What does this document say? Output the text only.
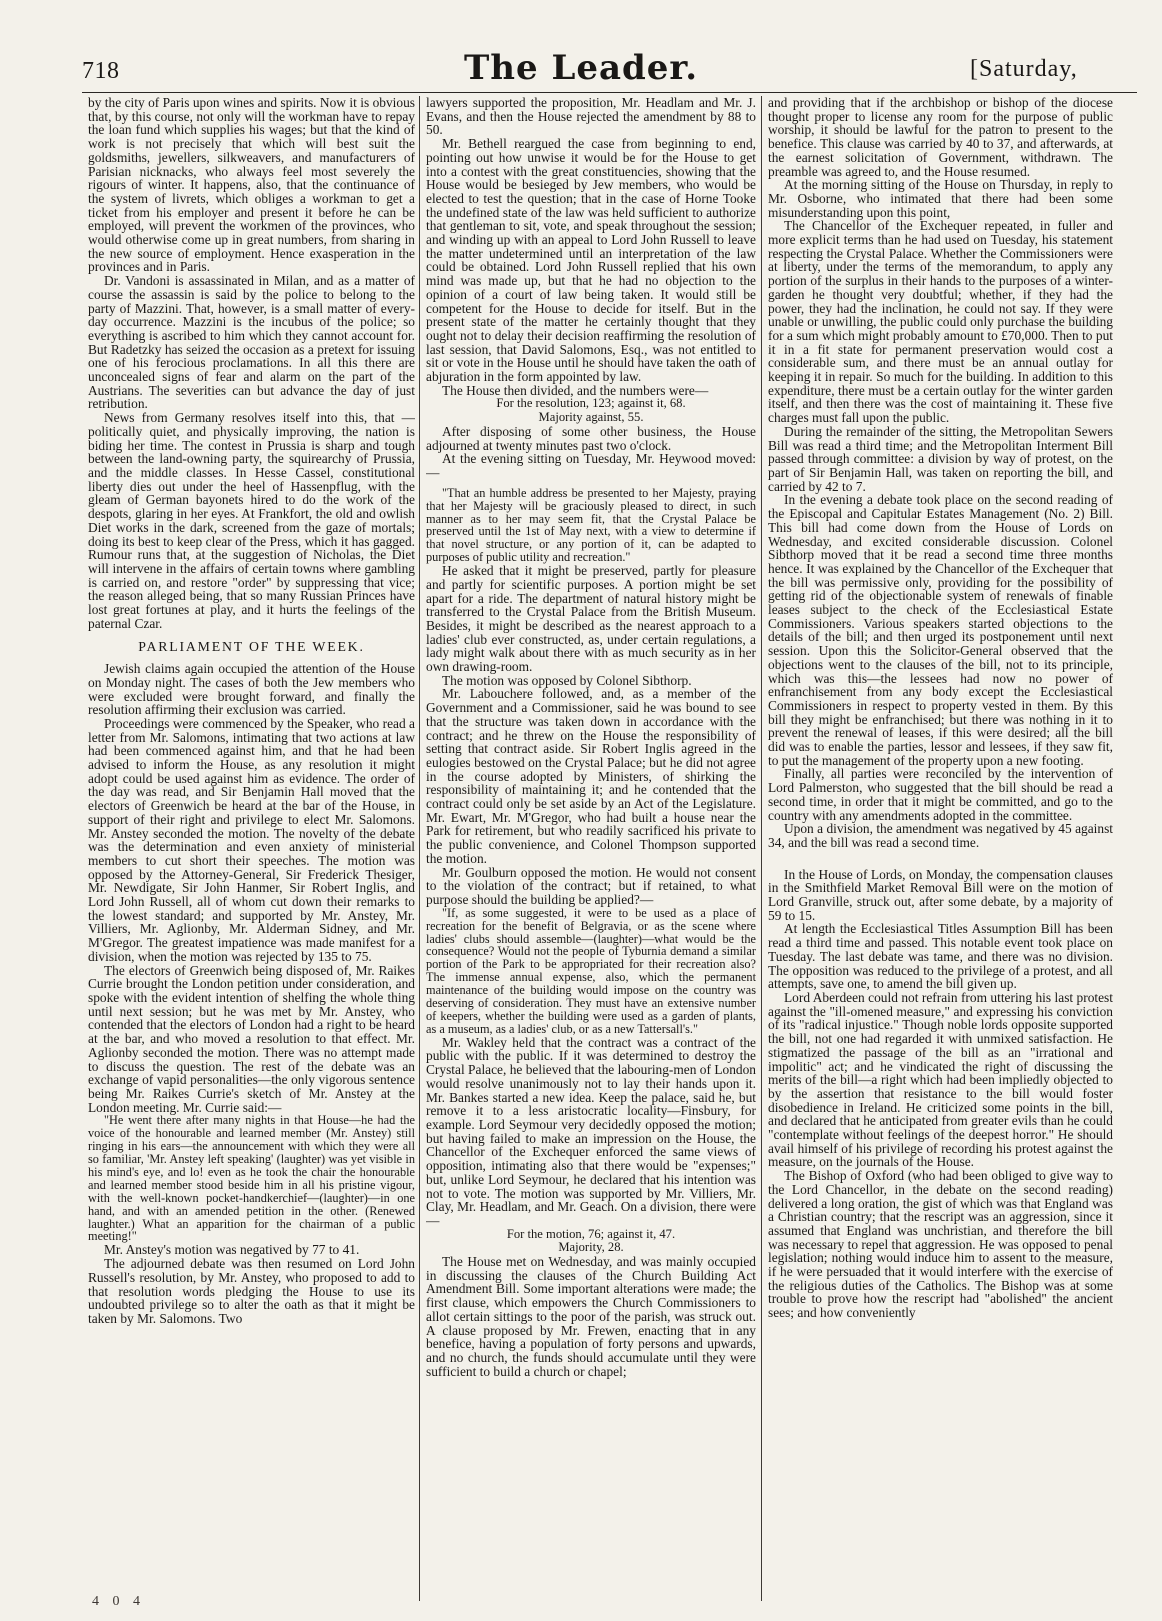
718	The Leader.	[Saturday,

by the city of Paris upon wines and spirits. Now it is obvious that, by this course, not only will the workman have to repay the loan fund which supplies his wages; but that the kind of work is not precisely that which will best suit the goldsmiths, jewellers, silkweavers, and manufacturers of Parisian nicknacks, who always feel most severely the rigours of winter. It happens, also, that the continuance of the system of livrets, which obliges a workman to get a ticket from his employer and present it before he can be employed, will prevent the workmen of the provinces, who would otherwise come up in great numbers, from sharing in the new source of employment. Hence exasperation in the provinces and in Paris.

Dr. Vandoni is assassinated in Milan, and as a matter of course the assassin is said by the police to belong to the party of Mazzini. That, however, is a small matter of every-day occurrence. Mazzini is the incubus of the police; so everything is ascribed to him which they cannot account for. But Radetzky has seized the occasion as a pretext for issuing one of his ferocious proclamations. In all this there are unconcealed signs of fear and alarm on the part of the Austrians. The severities can but advance the day of just retribution.

News from Germany resolves itself into this, that —politically quiet, and physically improving, the nation is biding her time. The contest in Prussia is sharp and tough between the land-owning party, the squirearchy of Prussia, and the middle classes. In Hesse Cassel, constitutional liberty dies out under the heel of Hassenpflug, with the gleam of German bayonets hired to do the work of the despots, glaring in her eyes. At Frankfort, the old and owlish Diet works in the dark, screened from the gaze of mortals; doing its best to keep clear of the Press, which it has gagged. Rumour runs that, at the suggestion of Nicholas, the Diet will intervene in the affairs of certain towns where gambling is carried on, and restore "order" by suppressing that vice; the reason alleged being, that so many Russian Princes have lost great fortunes at play, and it hurts the feelings of the paternal Czar.

PARLIAMENT OF THE WEEK.

Jewish claims again occupied the attention of the House on Monday night. The cases of both the Jew members who were excluded were brought forward, and finally the resolution affirming their exclusion was carried.

Proceedings were commenced by the Speaker, who read a letter from Mr. Salomons, intimating that two actions at law had been commenced against him, and that he had been advised to inform the House, as any resolution it might adopt could be used against him as evidence. The order of the day was read, and Sir Benjamin Hall moved that the electors of Greenwich be heard at the bar of the House, in support of their right and privilege to elect Mr. Salomons. Mr. Anstey seconded the motion. The novelty of the debate was the determination and even anxiety of ministerial members to cut short their speeches. The motion was opposed by the Attorney-General, Sir Frederick Thesiger, Mr. Newdigate, Sir John Hanmer, Sir Robert Inglis, and Lord John Russell, all of whom cut down their remarks to the lowest standard; and supported by Mr. Anstey, Mr. Villiers, Mr. Aglionby, Mr. Alderman Sidney, and Mr. M'Gregor. The greatest impatience was made manifest for a division, when the motion was rejected by 135 to 75.

The electors of Greenwich being disposed of, Mr. Raikes Currie brought the London petition under consideration, and spoke with the evident intention of shelfing the whole thing until next session; but he was met by Mr. Anstey, who contended that the electors of London had a right to be heard at the bar, and who moved a resolution to that effect. Mr. Aglionby seconded the motion. There was no attempt made to discuss the question. The rest of the debate was an exchange of vapid personalities—the only vigorous sentence being Mr. Raikes Currie's sketch of Mr. Anstey at the London meeting. Mr. Currie said:—

"He went there after many nights in that House—he had the voice of the honourable and learned member (Mr. Anstey) still ringing in his ears—the announcement with which they were all so familiar, 'Mr. Anstey left speaking' (laughter) was yet visible in his mind's eye, and lo! even as he took the chair the honourable and learned member stood beside him in all his pristine vigour, with the well-known pocket-handkerchief—(laughter)—in one hand, and with an amended petition in the other. (Renewed laughter.) What an apparition for the chairman of a public meeting!"

Mr. Anstey's motion was negatived by 77 to 41.

The adjourned debate was then resumed on Lord John Russell's resolution, by Mr. Anstey, who proposed to add to that resolution words pledging the House to use its undoubted privilege so to alter the oath as that it might be taken by Mr. Salomons. Two

lawyers supported the proposition, Mr. Headlam and Mr. J. Evans, and then the House rejected the amendment by 88 to 50.

Mr. Bethell reargued the case from beginning to end, pointing out how unwise it would be for the House to get into a contest with the great constituencies, showing that the House would be besieged by Jew members, who would be elected to test the question; that in the case of Horne Tooke the undefined state of the law was held sufficient to authorize that gentleman to sit, vote, and speak throughout the session; and winding up with an appeal to Lord John Russell to leave the matter undetermined until an interpretation of the law could be obtained. Lord John Russell replied that his own mind was made up, but that he had no objection to the opinion of a court of law being taken. It would still be competent for the House to decide for itself. But in the present state of the matter he certainly thought that they ought not to delay their decision reaffirming the resolution of last session, that David Salomons, Esq., was not entitled to sit or vote in the House until he should have taken the oath of abjuration in the form appointed by law.

The House then divided, and the numbers were—

For the resolution, 123; against it, 68.

Majority against, 55.

After disposing of some other business, the House adjourned at twenty minutes past two o'clock.

At the evening sitting on Tuesday, Mr. Heywood moved:—

"That an humble address be presented to her Majesty, praying that her Majesty will be graciously pleased to direct, in such manner as to her may seem fit, that the Crystal Palace be preserved until the 1st of May next, with a view to determine if that novel structure, or any portion of it, can be adapted to purposes of public utility and recreation."

He asked that it might be preserved, partly for pleasure and partly for scientific purposes. A portion might be set apart for a ride. The department of natural history might be transferred to the Crystal Palace from the British Museum. Besides, it might be described as the nearest approach to a ladies' club ever constructed, as, under certain regulations, a lady might walk about there with as much security as in her own drawing-room.

The motion was opposed by Colonel Sibthorp.

Mr. Labouchere followed, and, as a member of the Government and a Commissioner, said he was bound to see that the structure was taken down in accordance with the contract; and he threw on the House the responsibility of setting that contract aside. Sir Robert Inglis agreed in the eulogies bestowed on the Crystal Palace; but he did not agree in the course adopted by Ministers, of shirking the responsibility of maintaining it; and he contended that the contract could only be set aside by an Act of the Legislature. Mr. Ewart, Mr. M'Gregor, who had built a house near the Park for retirement, but who readily sacrificed his private to the public convenience, and Colonel Thompson supported the motion.

Mr. Goulburn opposed the motion. He would not consent to the violation of the contract; but if retained, to what purpose should the building be applied?—

"If, as some suggested, it were to be used as a place of recreation for the benefit of Belgravia, or as the scene where ladies' clubs should assemble—(laughter)—what would be the consequence? Would not the people of Tyburnia demand a similar portion of the Park to be appropriated for their recreation also? The immense annual expense, also, which the permanent maintenance of the building would impose on the country was deserving of consideration. They must have an extensive number of keepers, whether the building were used as a garden of plants, as a museum, as a ladies' club, or as a new Tattersall's."

Mr. Wakley held that the contract was a contract of the public with the public. If it was determined to destroy the Crystal Palace, he believed that the labouring-men of London would resolve unanimously not to lay their hands upon it. Mr. Bankes started a new idea. Keep the palace, said he, but remove it to a less aristocratic locality—Finsbury, for example. Lord Seymour very decidedly opposed the motion; but having failed to make an impression on the House, the Chancellor of the Exchequer enforced the same views of opposition, intimating also that there would be "expenses;" but, unlike Lord Seymour, he declared that his intention was not to vote. The motion was supported by Mr. Villiers, Mr. Clay, Mr. Headlam, and Mr. Geach. On a division, there were—

For the motion, 76; against it, 47.

Majority, 28.

The House met on Wednesday, and was mainly occupied in discussing the clauses of the Church Building Act Amendment Bill. Some important alterations were made; the first clause, which empowers the Church Commissioners to allot certain sittings to the poor of the parish, was struck out. A clause proposed by Mr. Frewen, enacting that in any benefice, having a population of forty persons and upwards, and no church, the funds should accumulate until they were sufficient to build a church or chapel;

and providing that if the archbishop or bishop of the diocese thought proper to license any room for the purpose of public worship, it should be lawful for the patron to present to the benefice. This clause was carried by 40 to 37, and afterwards, at the earnest solicitation of Government, withdrawn. The preamble was agreed to, and the House resumed.

At the morning sitting of the House on Thursday, in reply to Mr. Osborne, who intimated that there had been some misunderstanding upon this point,

The Chancellor of the Exchequer repeated, in fuller and more explicit terms than he had used on Tuesday, his statement respecting the Crystal Palace. Whether the Commissioners were at liberty, under the terms of the memorandum, to apply any portion of the surplus in their hands to the purposes of a winter-garden he thought very doubtful; whether, if they had the power, they had the inclination, he could not say. If they were unable or unwilling, the public could only purchase the building for a sum which might probably amount to £70,000. Then to put it in a fit state for permanent preservation would cost a considerable sum, and there must be an annual outlay for keeping it in repair. So much for the building. In addition to this expenditure, there must be a certain outlay for the winter garden itself, and then there was the cost of maintaining it. These five charges must fall upon the public.

During the remainder of the sitting, the Metropolitan Sewers Bill was read a third time; and the Metropolitan Interment Bill passed through committee: a division by way of protest, on the part of Sir Benjamin Hall, was taken on reporting the bill, and carried by 42 to 7.

In the evening a debate took place on the second reading of the Episcopal and Capitular Estates Management (No. 2) Bill. This bill had come down from the House of Lords on Wednesday, and excited considerable discussion. Colonel Sibthorp moved that it be read a second time three months hence. It was explained by the Chancellor of the Exchequer that the bill was permissive only, providing for the possibility of getting rid of the objectionable system of renewals of finable leases subject to the check of the Ecclesiastical Estate Commissioners. Various speakers started objections to the details of the bill; and then urged its postponement until next session. Upon this the Solicitor-General observed that the objections went to the clauses of the bill, not to its principle, which was this—the lessees had now no power of enfranchisement from any body except the Ecclesiastical Commissioners in respect to property vested in them. By this bill they might be enfranchised; but there was nothing in it to prevent the renewal of leases, if this were desired; all the bill did was to enable the parties, lessor and lessees, if they saw fit, to put the management of the property upon a new footing.

Finally, all parties were reconciled by the intervention of Lord Palmerston, who suggested that the bill should be read a second time, in order that it might be committed, and go to the country with any amendments adopted in the committee.

Upon a division, the amendment was negatived by 45 against 34, and the bill was read a second time.

In the House of Lords, on Monday, the compensation clauses in the Smithfield Market Removal Bill were on the motion of Lord Granville, struck out, after some debate, by a majority of 59 to 15.

At length the Ecclesiastical Titles Assumption Bill has been read a third time and passed. This notable event took place on Tuesday. The last debate was tame, and there was no division. The opposition was reduced to the privilege of a protest, and all attempts, save one, to amend the bill given up.

Lord Aberdeen could not refrain from uttering his last protest against the "ill-omened measure," and expressing his conviction of its "radical injustice." Though noble lords opposite supported the bill, not one had regarded it with unmixed satisfaction. He stigmatized the passage of the bill as an "irrational and impolitic" act; and he vindicated the right of discussing the merits of the bill—a right which had been impliedly objected to by the assertion that resistance to the bill would foster disobedience in Ireland. He criticized some points in the bill, and declared that he anticipated from greater evils than he could "contemplate without feelings of the deepest horror." He should avail himself of his privilege of recording his protest against the measure, on the journals of the House.

The Bishop of Oxford (who had been obliged to give way to the Lord Chancellor, in the debate on the second reading) delivered a long oration, the gist of which was that England was a Christian country; that the rescript was an aggression, since it assumed that England was unchristian, and therefore the bill was necessary to repel that aggression. He was opposed to penal legislation; nothing would induce him to assent to the measure, if he were persuaded that it would interfere with the exercise of the religious duties of the Catholics. The Bishop was at some trouble to prove how the rescript had "abolished" the ancient sees; and how conveniently

4 0 4
